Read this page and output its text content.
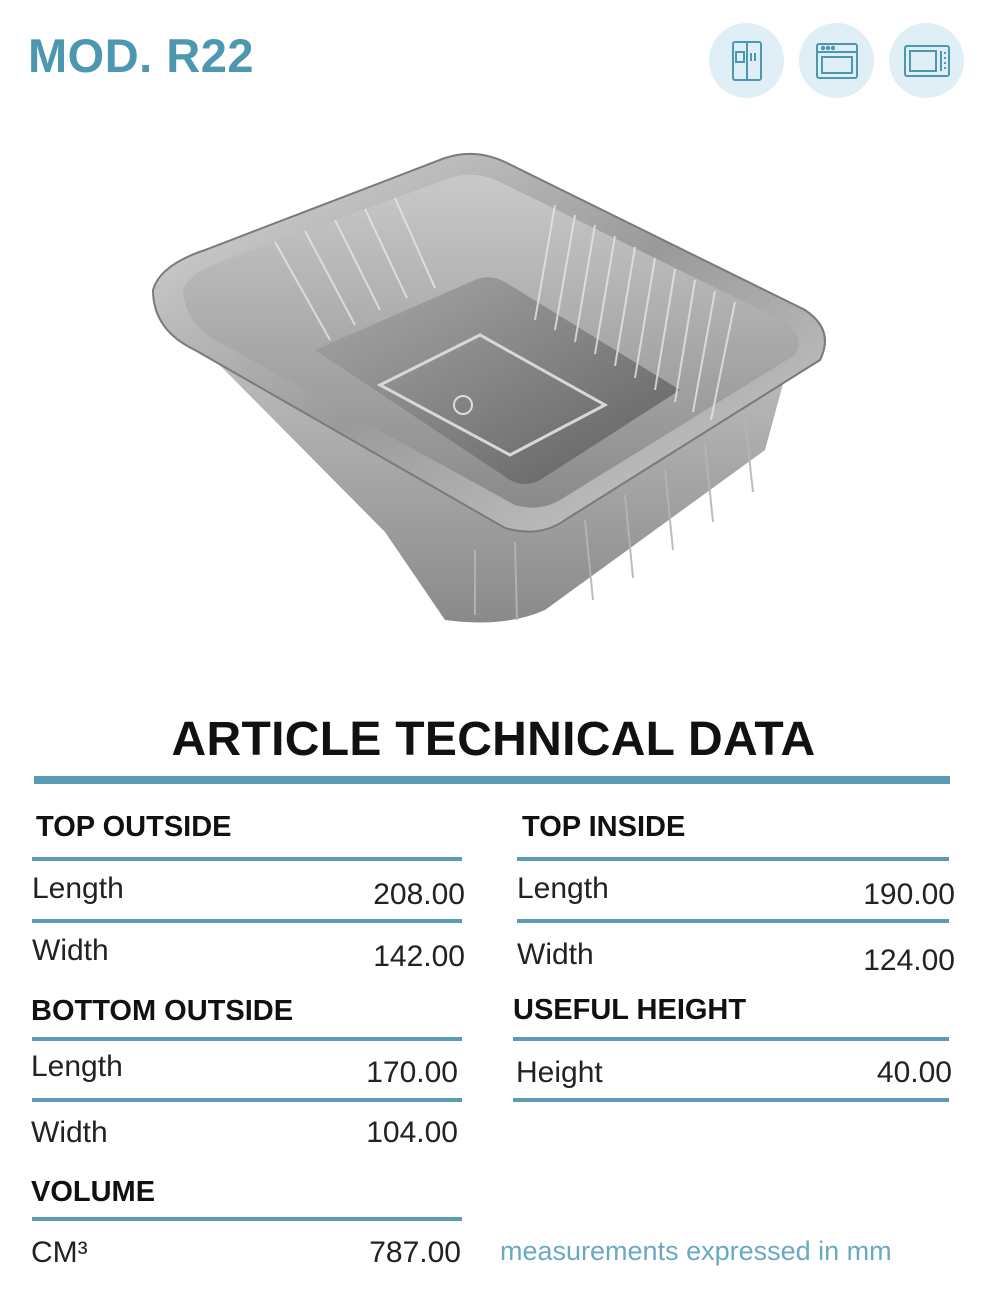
MOD. R22
ARTICLE TECHNICAL DATA
TOP OUTSIDE
Length	208.00
Width	142.00
TOP INSIDE
Length	190.00
Width	124.00
BOTTOM OUTSIDE
Length	170.00
Width	104.00
USEFUL HEIGHT
Height	40.00
VOLUME
CM³	787.00 measurements expressed in mm
